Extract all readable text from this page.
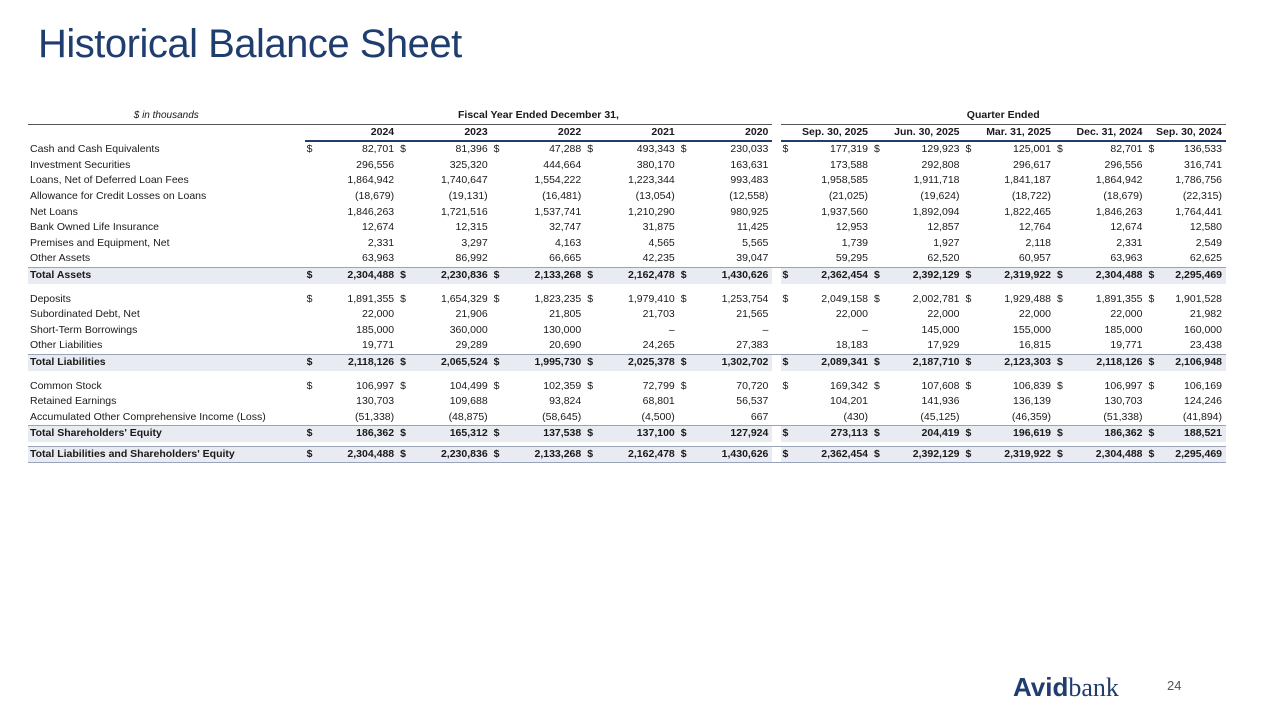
Historical Balance Sheet
$ in thousands	Fiscal Year Ended December 31,											Quarter Ended									
	2024		2023		2022		2021		2020			Sep. 30, 2025		Jun. 30, 2025		Mar. 31, 2025		Dec. 31, 2024		Sep. 30, 2024	
Cash and Cash Equivalents	$	82,701	$	81,396	$	47,288	$	493,343	$	230,033		$	177,319	$	129,923	$	125,001	$	82,701	$	136,533
Investment Securities		296,556		325,320		444,664		380,170		163,631			173,588		292,808		296,617		296,556		316,741
Loans, Net of Deferred Loan Fees		1,864,942		1,740,647		1,554,222		1,223,344		993,483			1,958,585		1,911,718		1,841,187		1,864,942		1,786,756
Allowance for Credit Losses on Loans		(18,679)		(19,131)		(16,481)		(13,054)		(12,558)			(21,025)		(19,624)		(18,722)		(18,679)		(22,315)
Net Loans		1,846,263		1,721,516		1,537,741		1,210,290		980,925			1,937,560		1,892,094		1,822,465		1,846,263		1,764,441
Bank Owned Life Insurance		12,674		12,315		32,747		31,875		11,425			12,953		12,857		12,764		12,674		12,580
Premises and Equipment, Net		2,331		3,297		4,163		4,565		5,565			1,739		1,927		2,118		2,331		2,549
Other Assets		63,963		86,992		66,665		42,235		39,047			59,295		62,520		60,957		63,963		62,625
Total Assets	$	2,304,488	$	2,230,836	$	2,133,268	$	2,162,478	$	1,430,626		$	2,362,454	$	2,392,129	$	2,319,922	$	2,304,488	$	2,295,469

Deposits	$	1,891,355	$	1,654,329	$	1,823,235	$	1,979,410	$	1,253,754		$	2,049,158	$	2,002,781	$	1,929,488	$	1,891,355	$	1,901,528
Subordinated Debt, Net		22,000		21,906		21,805		21,703		21,565			22,000		22,000		22,000		22,000		21,982
Short-Term Borrowings		185,000		360,000		130,000		–		–			–		145,000		155,000		185,000		160,000
Other Liabilities		19,771		29,289		20,690		24,265		27,383			18,183		17,929		16,815		19,771		23,438
Total Liabilities	$	2,118,126	$	2,065,524	$	1,995,730	$	2,025,378	$	1,302,702		$	2,089,341	$	2,187,710	$	2,123,303	$	2,118,126	$	2,106,948

Common Stock	$	106,997	$	104,499	$	102,359	$	72,799	$	70,720		$	169,342	$	107,608	$	106,839	$	106,997	$	106,169
Retained Earnings		130,703		109,688		93,824		68,801		56,537			104,201		141,936		136,139		130,703		124,246
Accumulated Other Comprehensive Income (Loss)		(51,338)		(48,875)		(58,645)		(4,500)		667			(430)		(45,125)		(46,359)		(51,338)		(41,894)
Total Shareholders' Equity	$	186,362	$	165,312	$	137,538	$	137,100	$	127,924		$	273,113	$	204,419	$	196,619	$	186,362	$	188,521

Total Liabilities and Shareholders' Equity	$	2,304,488	$	2,230,836	$	2,133,268	$	2,162,478	$	1,430,626		$	2,362,454	$	2,392,129	$	2,319,922	$	2,304,488	$	2,295,469
Avidbank	24
